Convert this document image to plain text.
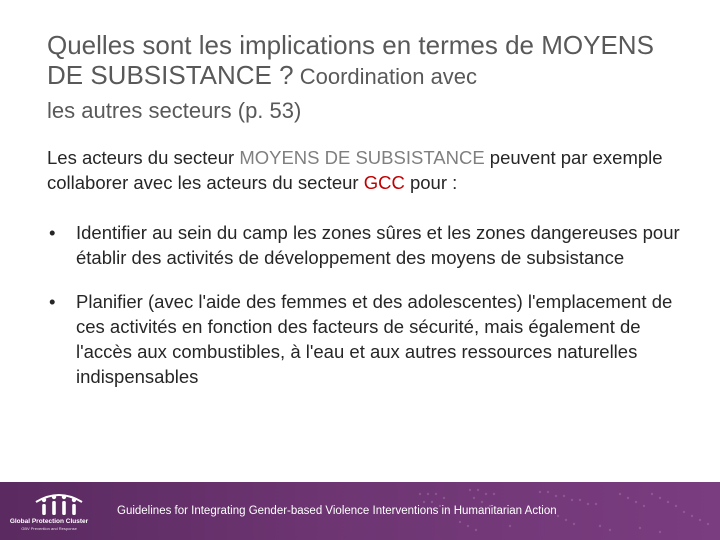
Quelles sont les implications en termes de MOYENS DE SUBSISTANCE ? Coordination avec
les autres secteurs (p. 53)
Les acteurs du secteur MOYENS DE SUBSISTANCE peuvent par exemple collaborer avec les acteurs du secteur GCC pour :
• Identifier au sein du camp les zones sûres et les zones dangereuses pour établir des activités de développement des moyens de subsistance
• Planifier (avec l'aide des femmes et des adolescentes) l'emplacement de ces activités en fonction des facteurs de sécurité, mais également de l'accès aux combustibles, à l'eau et aux autres ressources naturelles indispensables
Global Protection Cluster
GBV Prevention and Response
Guidelines for Integrating Gender-based Violence Interventions in Humanitarian Action
